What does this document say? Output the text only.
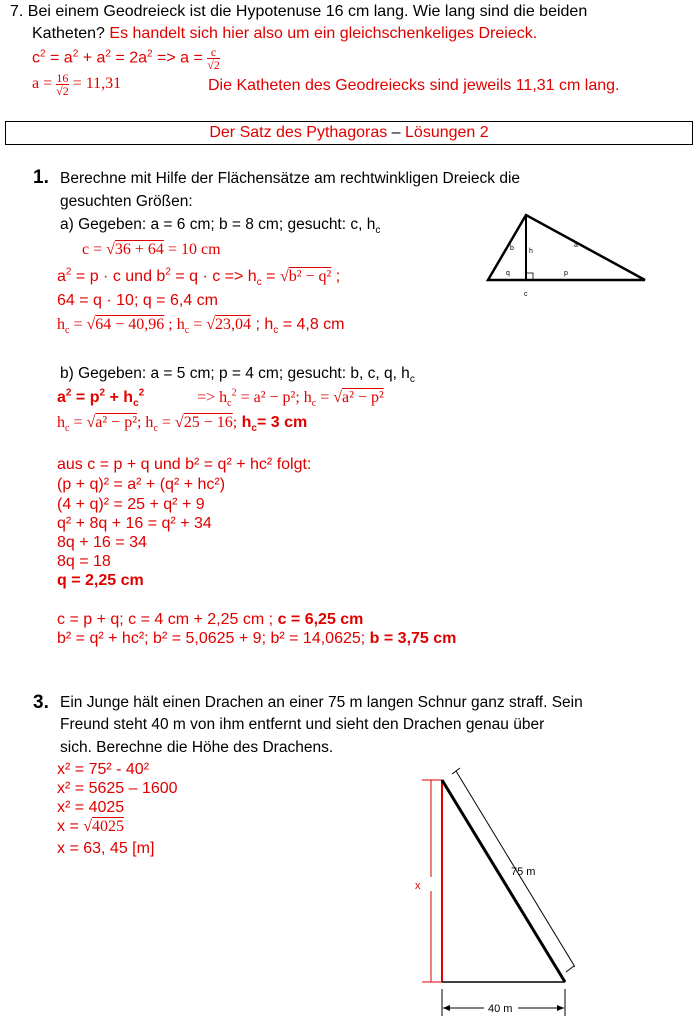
7. Bei einem Geodreieck ist die Hypotenuse 16 cm lang. Wie lang sind die beiden
Katheten? Es handelt sich hier also um ein gleichschenkeliges Dreieck.
$c^2 = a^2 + a^2 = 2a^2 => a = \frac{c}{√2}$
$a = \frac{16}{√2} = 11,31$	Die Katheten des Geodreiecks sind jeweils 11,31 cm lang.
Der Satz des Pythagoras – Lösungen 2
1. Berechne mit Hilfe der Flächensätze am rechtwinkligen Dreieck die
gesuchten Größen:
a) Gegeben: a = 6 cm; b = 8 cm; gesucht: c, $h_c$
c = √36 + 64 = 10 cm
$a^2 = p \cdot c$ und $b^2 = q \cdot c => h_c = √b^2 - q^2$ ;
64 = q · 10; q = 6,4 cm
$h_c = √64 - 40,96$ ; $h_c = √23,04$ ; $h_c = 4,8$ cm
b) Gegeben: a = 5 cm; p = 4 cm; gesucht: b, c, q, $h_c$
$a^2 = p^2 + h_c^2$	=> $h_c^2 = a^2 - p^2$; $h_c = √a^2 - p^2$
$h_c = √a^2 - p^2$; $h_c = √25 - 16$; $h_c= 3$ cm
aus c = p + q und b² = q² + hc² folgt:
(p + q)² = a² + (q² + hc²)
(4 + q)² = 25 + q² + 9
q² + 8q + 16 = q² + 34
8q + 16 = 34
8q = 18
q = 2,25 cm
c = p + q; c = 4 cm + 2,25 cm ; c = 6,25 cm
b² = q² + hc²; b² = 5,0625 + 9; b² = 14,0625; b = 3,75 cm
b h
a
q	p
c
3. Ein Junge hält einen Drachen an einer 75 m langen Schnur ganz straff. Sein
Freund steht 40 m von ihm entfernt und sieht den Drachen genau über
sich. Berechne die Höhe des Drachens.
x² = 75² - 40²
x² = 5625 – 1600
x² = 4025
x = √4025
x = 63, 45 [m]
x
75 m
40 m
